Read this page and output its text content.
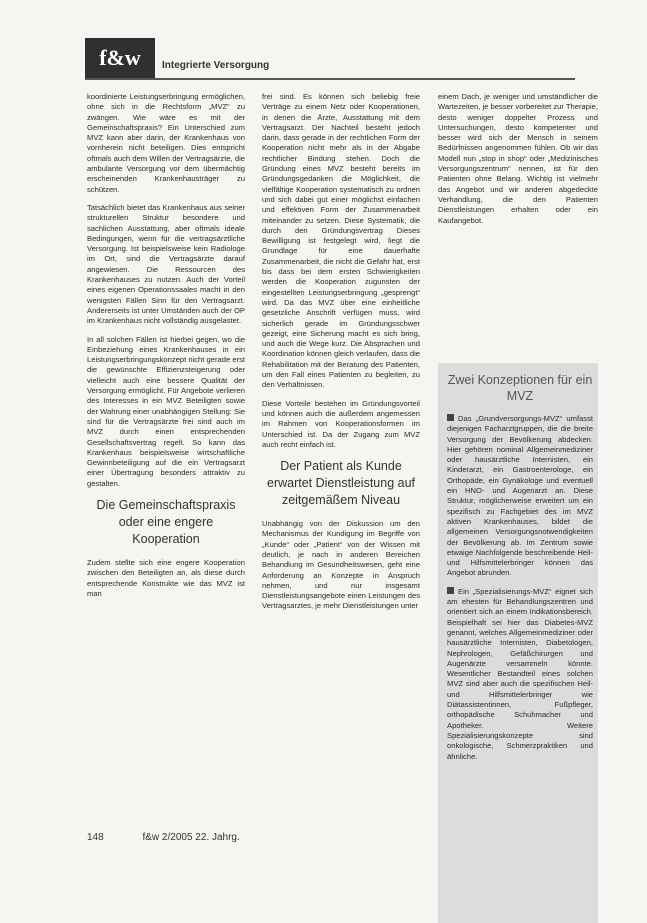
f&w	Integrierte Versorgung

koordinierte Leistungserbringung ermöglichen, ohne sich in die Rechtsform „MVZ“ zu zwängen. Wie wäre es mit der Gemeinschaftspraxis? Ein Unterschied zum MVZ kann aber darin, der Krankenhaus von vornherein nicht beteiligen. Dies entspricht oftmals auch dem Willen der Vertragsärzte, die ambulante Versorgung vor dem übermächtig erscheinenden Krankenhausträger zu schützen.

Tatsächlich bietet das Krankenhaus aus seiner strukturellen Struktur besondere und sachlichen Ausstattung, aber oftmals ideale Bedingungen, wenn für die vertragsärztliche Versorgung. Ist beispielsweise kein Radiologe im Ort, sind die Vertragsärzte darauf angewiesen. Die Ressourcen des Krankenhauses zu nutzen. Auch der Vorteil eines eigenen Operationssaales macht in den wenigsten Fällen Sinn für den Vertragsarzt. Andererseits ist unter Umständen auch der OP im Krankenhaus nicht vollständig ausgelastet.

In all solchen Fällen ist hierbei gegen, wo die Einbeziehung eines Krankenhauses in ein Leistungserbringungskonzept nicht gerade erst die gewünschte Effizienzsteigerung oder vielleicht auch eine bessere Qualität der Versorgung ermöglicht. Für Angebote verlieren des Interesses in ein MVZ Beteiligten sowie der Wahrung einer unabhängigen Stellung: Sie sind für die Vertragsärzte frei sind auch im MVZ durch einen entsprechenden Gesellschaftsvertrag regelt. So kann das Krankenhaus beispielsweise wirtschaftliche Gewinnbeteiligung auf die ein Vertragsarzt einer Übertragung besonders attraktiv zu gestalten.

Die Gemeinschaftspraxis oder eine engere Kooperation

Zudem stellte sich eine engere Kooperation zwischen den Beteiligten an, als diese durch entsprechende Konstrukte wie das MVZ ist man

frei sind. Es können sich beliebig freie Verträge zu einem Netz oder Kooperationen, in denen die Ärzte, Ausstattung mit dem Vertragsarzt. Der Nachteil besteht jedoch darin, dass gerade in der rechtlichen Form der Kooperation nicht mehr als in der Abgabe rechtlicher Bindung stehen. Doch die Gründung eines MVZ besteht bereits im Gründungsgedanken die Möglichkeit, die vielfältige Kooperation systematisch zu ordnen und sich dabei gut einer möglichst einfachen und effektiven Form der Zusammenarbeit miteinander zu setzen. Diese Systematik, die durch den Gründungsvertrag Dieses Bewilligung ist festgelegt wird, liegt die Grundlage für eine dauerhafte Zusammenarbeit, die nicht die Gefahr hat, erst bis dass bei dem ersten Schwierigkeiten werden die Kooperation zugunsten der eingestellten Leistungserbringung „gesprengt“ wird. Da das MVZ über eine einheitliche gesetzliche Anschrift verfügen muss, wird sicherlich gerade im Gründungsschwer gezeigt, eine Sicherung macht es sich bring, und auch die Wege kurz. Die Absprachen und Koordination können gleich verlaufen, dass die Rehabilitation mit der Beratung des Patienten, um den Fall eines Patienten zu begleiten, zu den Verhältnissen.

Diese Vorteile bestehen im Gründungsvorteil und können auch die außerdem angemessen im Rahmen von Kooperationsformen im Unterschied ist. Da der Zugang zum MVZ auch recht einfach ist.

Der Patient als Kunde erwartet Dienstleistung auf zeitgemäßem Niveau

Unabhängig von der Diskussion um den Mechanismus der Kundigung im Begriffe von „Kunde“ oder „Patient“ von der Wissen mit deutlich, je nach in anderen Bereichen Behandlung im Gesundheitswesen, geht eine Anforderung an Konzepte in Anspruch nehmen, und nur insgesamt Dienstleistungsangebote einen Leistungen des Vertragsarztes, je mehr Dienstleistungen unter

einem Dach, je weniger und umständlicher die Wartezeiten, je besser vorbereitet zur Therapie, desto weniger doppelter Prozess und Untersuchungen, desto kompetenter und besser wird sich der Mensch in seinem Bedürfnissen angenommen fühlen. Ob wir das Modell nun „stop in shop“ oder „Medizinisches Versorgungszentrum“ nennen, ist für den Patienten ohne Belang. Wichtig ist vielmehr das Angebot und wir anderen abgedeckte Verhandlung, die den Patienten Dienstleistungen erhalten oder ein Kaufangebot.

Zwei Konzeptionen für ein MVZ

Das „Grundversorgungs-MVZ“ umfasst diejenigen Facharztgruppen, die die breite Versorgung der Bevölkerung abdecken. Hier gehören nominal Allgemeinmediziner oder hausärztliche Internisten, ein Kinderarzt, ein Gastroenterologe, ein Orthopäde, ein Gynäkologe und eventuell ein HNO- und Augenarzt an. Diese Struktur, möglicherweise erweitert um ein spezifisch zu Fachgebiet des im MVZ aktiven Krankenhauses, bildet die allgemeinen Versorgungsnotwendigkeiten der Bevölkerung ab. Im Zentrum sowie etwaige Nachfolgende beschreibende Heil- und Hilfsmittelerbringer können das Angebot abrunden.

Ein „Spezialisierungs-MVZ“ eignet sich am ehesten für Behandlungszentren und orientiert sich an einem Indikationsbereich. Beispielhaft sei hier das Diabetes-MVZ genannt, welches Allgemeinmediziner oder hausärztliche Internisten, Diabetologen, Nephrologen, Gefäßchirurgen und Augenärzte versammeln könnte. Wesentlicher Bestandteil eines solchen MVZ sind aber auch die spezifischen Heil- und Hilfsmittelerbringer wie Diätassistentinnen, Fußpfleger, orthopädische Schuhmacher und Apotheker. Weitere Spezialisierungskonzepte sind onkologische, Schmerzpraktiken und ähnliche.

148	f&w 2/2005 22. Jahrg.
